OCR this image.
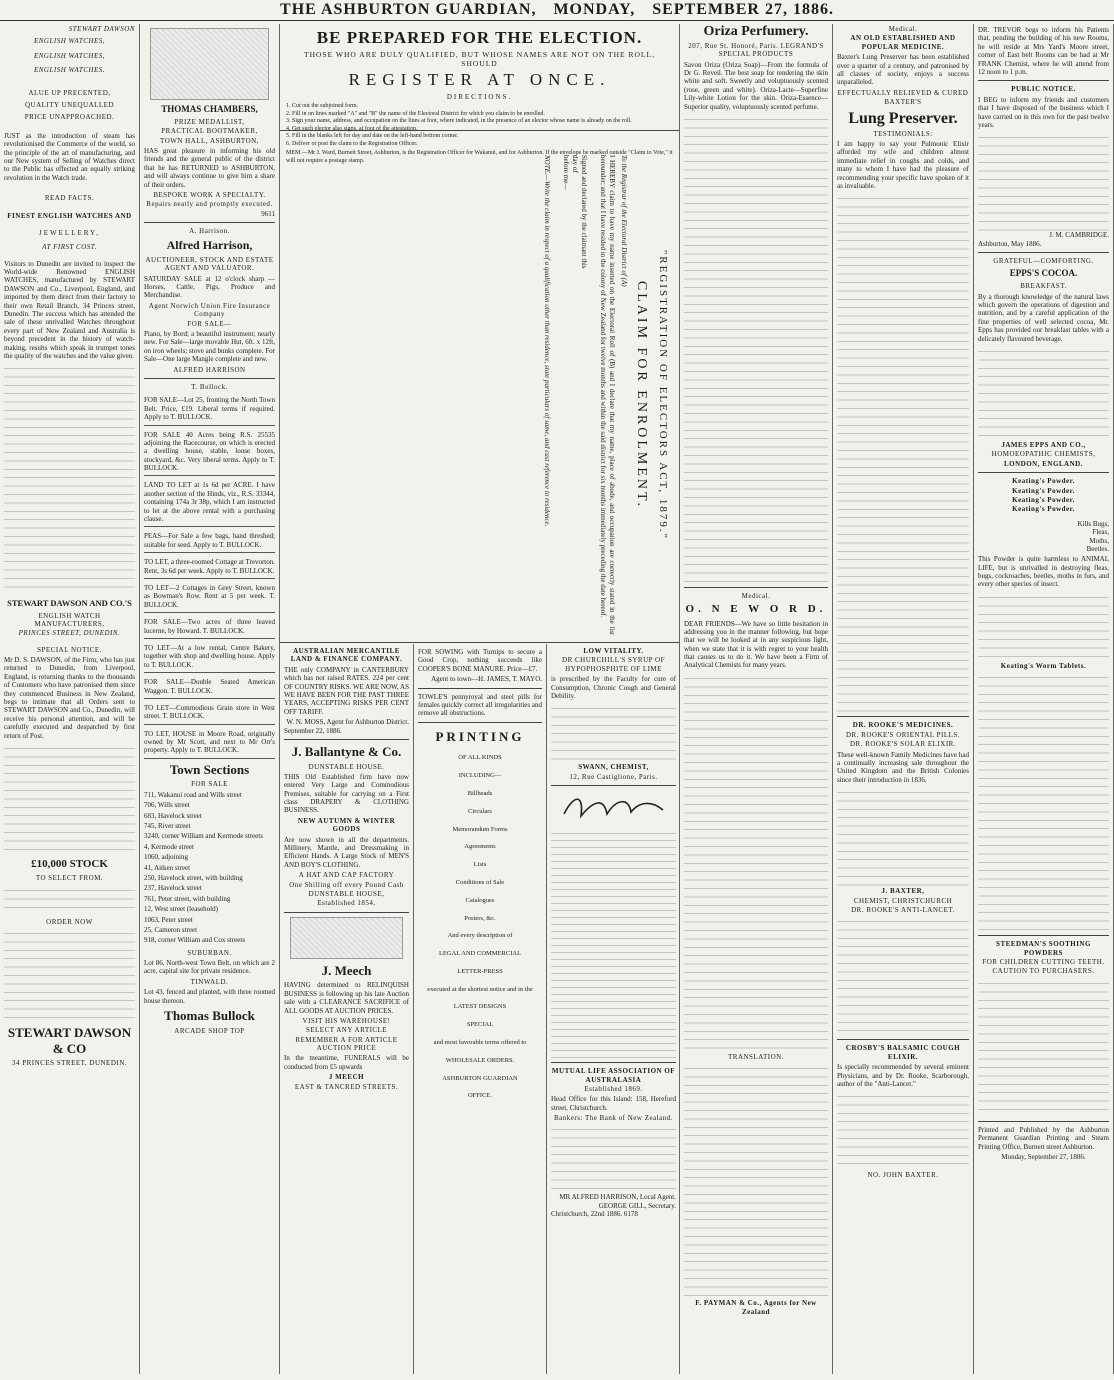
THE ASHBURTON GUARDIAN, MONDAY, SEPTEMBER 27, 1886.
STEWART DAWSON
ENGLISH WATCHES,
ENGLISH WATCHES,
ENGLISH WATCHES.
ALUE UP PRECENTED,
QUALITY UNEQUALLED
PRICE UNAPPROACHED.

JUST as the introduction of steam has revolutionised the Commerce of the world, so the principle of the art of manufacturing, and our New system of Selling of Watches direct to the Public has effected an equally striking revolution in the Watch trade.

READ FACTS.
FINEST ENGLISH WATCHES AND
JEWELLERY,
AT FIRST COST.

Visitors to Dunedin are invited to inspect the World-wide Renowned ENGLISH WATCHES, manufactured by STEWART DAWSON and Co., Liverpool, England, and imported by them direct from their factory to their own Retail Branch, 34 Princes street, Dunedin. The success which has attended the sale of these unrivalled Watches throughout every part of New Zealand and Australia is beyond precedent in the history of watch-making, results which speak in trumpet tones the quality of the watches and the value given.

STEWART DAWSON AND CO.'S
ENGLISH WATCH MANUFACTURERS,
PRINCES STREET, DUNEDIN.
SPECIAL NOTICE.

Mr D. S. DAWSON, of the Firm, who has just returned to Dunedin, from Liverpool, England, is returning thanks to the thousands of Customers who have patronised them since they commenced Business in New Zealand, begs to intimate that all Orders sent to STEWART DAWSON and Co., Dunedin, will receive his personal attention, and will be carefully executed and despatched by first return of Post.

£10,000 STOCK
TO SELECT FROM.
ORDER NOW
STEWART DAWSON & CO
34 PRINCES STREET, DUNEDIN.
THOMAS CHAMBERS,
PRIZE MEDALLIST,
PRACTICAL BOOTMAKER,
TOWN HALL, ASHBURTON,

HAS great pleasure in informing his old friends and the general public of the district that he has RETURNED to ASHBURTON, and will always continue to give him a share of their orders.

BESPOKE WORK A SPECIALTY.
Repairs neatly and promptly executed.
9611
A. Harrison.
Alfred Harrison,
AUCTIONEER, STOCK AND ESTATE AGENT AND VALUATOR.

SATURDAY SALE at 12 o'clock sharp — Horses, Cattle, Pigs, Produce and Merchandise.

Agent Norwich Union Fire Insurance Company
FOR SALE—

Piano, by Bord; a beautiful instrument; nearly new. For Sale—large movable Hut, 6ft. x 12ft, on iron wheels; stove and bunks complete. For Sale—One large Mangle complete and new.

ALFRED HARRISON
T. Bullock.
FOR SALE—Lot 25, fronting the North Town Belt. Price, £19. Liberal terms if required. Apply to T. BULLOCK.
FOR SALE 40 Acres being R.S. 25535 adjoining the Racecourse, on which is erected a dwelling house, stable, loose boxes, stockyard, &c. Very liberal terms. Apply to T. BULLOCK.
LAND TO LET at 1s 6d per ACRE. I have another section of the Hinds, viz., R.S. 33344, containing 174a 3r 38p, which I am instructed to let at the above rental with a purchasing clause.
PEAS—For Sale a few bags, hand threshed; suitable for seed. Apply to T. BULLOCK.
TO LET, a three-roomed Cottage at Trevorton. Rent, 3s 6d per week. Apply to T. BULLOCK.
TO LET—2 Cottages in Grey Street, known as Bowman's Row. Rent at 5 per week. T. BULLOCK.
FOR SALE—Two acres of three leaved lucerne, by Howard. T. BULLOCK.
TO LET—At a low rental, Centre Bakery, together with shop and dwelling house. Apply to T. BULLOCK.
FOR SALE—Double Seated American Waggon. T. BULLOCK.
TO LET—Commodious Grain store in West street. T. BULLOCK.
TO LET, HOUSE in Moore Road, originally owned by Mr Scott, and next to Mr Orr's property. Apply to T. BULLOCK.
Town Sections
FOR SALE
711, Wakanui road and Wills street
706, Wills street
683, Havelock street
745, River street
3240, corner William and Kermode streets
4, Kermode street
1060, adjoining
41, Aitken street
250, Havelock street, with building
237, Havelock street
761, Peter street, with building
12, West street (leasehold)
1063, Peter street
25, Cameron street
918, corner William and Cox streets
SUBURBAN.

Lot 86, North-west Town Belt, on which are 2 acre, capital site for private residence.

TINWALD.

Lot 43, fenced and planted, with three roomed house thereon.

Thomas Bullock
ARCADE SHOP TOP
BE PREPARED FOR THE ELECTION.
THOSE WHO ARE DULY QUALIFIED, BUT WHOSE NAMES ARE NOT ON THE ROLL, SHOULD
REGISTER AT ONCE.
DIRECTIONS.
1. Cut out the subjoined form.
2. Fill in on lines marked "A" and "B" the name of the Electoral District for which you claim to be enrolled.
3. Sign your name, address, and occupation on the lines at foot, where indicated, in the presence of an elector whose name is already on the roll.
4. Get such elector also signs, at foot of the attestation.
5. Fill in the blanks left for day and date on the left-hand bottom corner.
6. Deliver or post the claim to the Registration Officer.
MEM.—Mr J. Ward, Burnett Street, Ashburton, is the Registration Officer for Wakanui, and for Ashburton. If the envelope be marked outside "Claim to Vote," it will not require a postage stamp.
"REGISTRATION OF ELECTORS ACT, 1879."
CLAIM FOR ENROLMENT.
To the Registrar of the Electoral District of (A)

I HEREBY claim to have my name inserted on the Electoral Roll of (B) and I declare that my name, place of abode, and occupation are correctly stated in the list hereunder; and that I have resided in the colony of New Zealand for twelve months and within the said district for six months immediately preceding the date hereof.

Signed and declared by the claimant this
day of
before me—
NOTE.—Write the claim in respect of a qualification other than residence, state particulars of same, and cast reference to residence.
AUSTRALIAN MERCANTILE LAND & FINANCE COMPANY.

THE only COMPANY in CANTERBURY which has not raised RATES. 224 per cent OF COUNTRY RISKS. WE ARE NOW, AS WE HAVE BEEN FOR THE PAST THREE YEARS, ACCEPTING RISKS PER CENT OFF TARIFF.

W. N. MOSS, Agent for Ashburton District.
September 22, 1886.
J. Ballantyne & Co.
DUNSTABLE HOUSE.

THIS Old Established firm have now entered Very Large and Commodious Premises, suitable for carrying on a First class DRAPERY & CLOTHING BUSINESS.

NEW AUTUMN & WINTER GOODS

Are now shown in all the departments. Millinery, Mantle, and Dressmaking in Efficient Hands. A Large Stock of MEN'S AND BOY'S CLOTHING.

A HAT AND CAP FACTORY
One Shilling off every Pound Cash
DUNSTABLE HOUSE,
Established 1854.
J. Meech

HAVING determined to RELINQUISH BUSINESS is following up his late Auction sale with a CLEARANCE SACRIFICE of ALL GOODS AT AUCTION PRICES.

VISIT HIS WAREHOUSE!
SELECT ANY ARTICLE
REMEMBER A FOR ARTICLE AUCTION PRICE

In the meantime, FUNERALS will be conducted from £5 upwards

J MEECH
EAST & TANCRED STREETS.

FOR SOWING with Turnips to secure a Good Crop, nothing succeeds like COOPER'S BONE MANURE. Price—£7.

Agent to town—H. JAMES, T. MAYO.

TOWLE'S pennyroyal and steel pills for females quickly correct all irregularities and remove all obstructions.

PRINTING
OF ALL KINDS
INCLUDING—
Billheads
Circulars
Memorandum Forms
Agreements
Lists
Conditions of Sale
Catalogues
Posters, &c.
And every description of
LEGAL AND COMMERCIAL
LETTER-PRESS
executed at the shortest notice and in the
LATEST DESIGNS
SPECIAL
and most favorable terms offered to
WHOLESALE ORDERS.
ASHBURTON GUARDIAN
OFFICE.
LOW VITALITY.
DR CHURCHILL'S SYRUP OF HYPOPHOSPHITE OF LIME

is prescribed by the Faculty for cure of Consumption, Chronic Cough and General Debility.

SWANN, CHEMIST,
12, Rue Castiglione, Paris.
MUTUAL LIFE ASSOCIATION OF AUSTRALASIA
Established 1869.

Head Office for this Island: 158, Hereford street, Christchurch.

Bankers: The Bank of New Zealand.
MR ALFRED HARRISON, Local Agent.
GEORGE GILL, Secretary.
Christchurch, 22nd 1886. 6178
Oriza Perfumery.
207, Rue St. Honoré, Paris. LEGRAND'S SPECIAL PRODUCTS

Savon Oriza (Oriza Soap)—From the formula of Dr G. Reveil. The best soap for rendering the skin white and soft. Sweetly and voluptuously scented (rose, green and white). Oriza-Lacte—Superfine Lily-white Lotion for the skin. Oriza-Essence—Superior quality, voluptuously scented perfume.

Medical.
O. N E W O R D.

DEAR FRIENDS—We have so little hesitation in addressing you in the manner following, but hope that we will be looked at in any suspicious light, when we state that it is with regret to your health that causes us to do it. We have been a Firm of Analytical Chemists for many years.

TRANSLATION.
F. PAYMAN & Co., Agents for New Zealand
Medical.
AN OLD ESTABLISHED AND POPULAR MEDICINE.

Baxter's Lung Preserver has been established over a quarter of a century, and patronised by all classes of society, enjoys a success unparalleled.

EFFECTUALLY RELIEVED & CURED
BAXTER'S
Lung Preserver.
TESTIMONIALS:

I am happy to say your Pulmonic Elixir afforded my wife and children almost immediate relief in coughs and colds, and many to whom I have had the pleasure of recommending your specific have spoken of it as invaluable.

DR. ROOKE'S MEDICINES.
DR. ROOKE'S ORIENTAL PILLS.
DR. ROOKE'S SOLAR ELIXIR.

These well-known Family Medicines have had a continually increasing sale throughout the United Kingdom and the British Colonies since their introduction in 1836.

J. BAXTER,
CHEMIST, CHRISTCHURCH
DR. ROOKE'S ANTI-LANCET.
CROSBY'S BALSAMIC COUGH ELIXIR.

Is specially recommended by several eminent Physicians, and by Dr. Rooke, Scarborough, author of the "Anti-Lancet."

NO. JOHN BAXTER.

DR. TREVOR begs to inform his Patients that, pending the building of his new Rooms, he will reside at Mrs Yard's Moore street, corner of East belt Rooms can be had at Mr FRANK Chemist, where he will attend from 12 noon to 1 p.m.

PUBLIC NOTICE.

I BEG to inform my friends and customers that I have disposed of the business which I have carried on in this own for the past twelve years.

J. M. CAMBRIDGE.
Ashburton, May 1886.
GRATEFUL—COMFORTING.
EPPS'S COCOA.
BREAKFAST.

By a thorough knowledge of the natural laws which govern the operations of digestion and nutrition, and by a careful application of the fine properties of well selected cocoa, Mr. Epps has provided our breakfast tables with a delicately flavoured beverage.

JAMES EPPS AND CO.,
HOMOEOPATHIC CHEMISTS,
LONDON, ENGLAND.
Keating's Powder.
Keating's Powder.
Keating's Powder.
Keating's Powder.
Kills Bugs,
Fleas,
Moths,
Beetles.

This Powder is quite harmless to ANIMAL LIFE, but is unrivalled in destroying fleas, bugs, cockroaches, beetles, moths in furs, and every other species of insect.

Keating's Worm Tablets.
STEEDMAN'S SOOTHING POWDERS
FOR CHILDREN CUTTING TEETH.
CAUTION TO PURCHASERS.

Printed and Published by the Ashburton Permanent Guardian Printing and Steam Printing Office, Burnett street Ashburton.

Monday, September 27, 1886.
